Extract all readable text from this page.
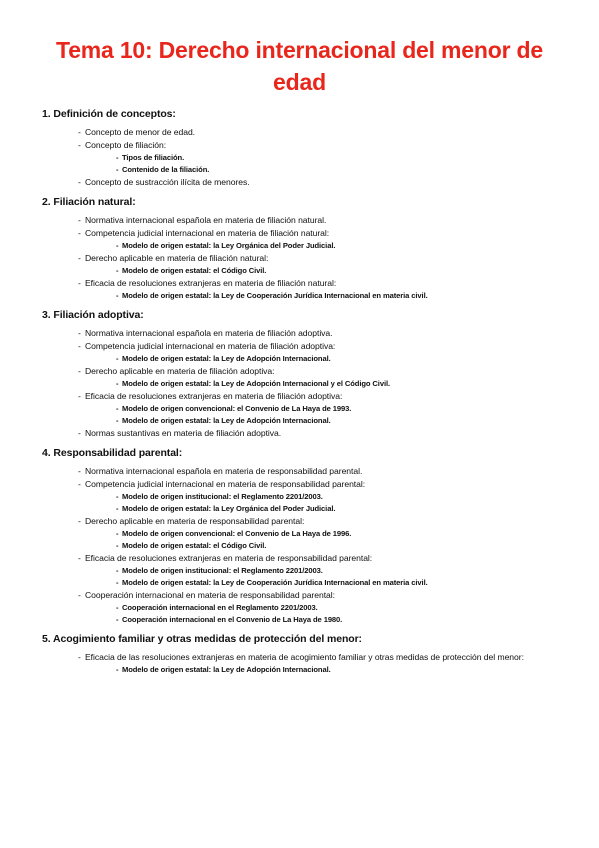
Tema 10: Derecho internacional del menor de edad
1. Definición de conceptos:
- Concepto de menor de edad.
- Concepto de filiación:
- Tipos de filiación.
- Contenido de la filiación.
- Concepto de sustracción ilícita de menores.
2. Filiación natural:
- Normativa internacional española en materia de filiación natural.
- Competencia judicial internacional en materia de filiación natural:
- Modelo de origen estatal: la Ley Orgánica del Poder Judicial.
- Derecho aplicable en materia de filiación natural:
- Modelo de origen estatal: el Código Civil.
- Eficacia de resoluciones extranjeras en materia de filiación natural:
- Modelo de origen estatal: la Ley de Cooperación Jurídica Internacional en materia civil.
3. Filiación adoptiva:
- Normativa internacional española en materia de filiación adoptiva.
- Competencia judicial internacional en materia de filiación adoptiva:
- Modelo de origen estatal: la Ley de Adopción Internacional.
- Derecho aplicable en materia de filiación adoptiva:
- Modelo de origen estatal: la Ley de Adopción Internacional y el Código Civil.
- Eficacia de resoluciones extranjeras en materia de filiación adoptiva:
- Modelo de origen convencional: el Convenio de La Haya de 1993.
- Modelo de origen estatal: la Ley de Adopción Internacional.
- Normas sustantivas en materia de filiación adoptiva.
4. Responsabilidad parental:
- Normativa internacional española en materia de responsabilidad parental.
- Competencia judicial internacional en materia de responsabilidad parental:
- Modelo de origen institucional: el Reglamento 2201/2003.
- Modelo de origen estatal: la Ley Orgánica del Poder Judicial.
- Derecho aplicable en materia de responsabilidad parental:
- Modelo de origen convencional: el Convenio de La Haya de 1996.
- Modelo de origen estatal: el Código Civil.
- Eficacia de resoluciones extranjeras en materia de responsabilidad parental:
- Modelo de origen institucional: el Reglamento 2201/2003.
- Modelo de origen estatal: la Ley de Cooperación Jurídica Internacional en materia civil.
- Cooperación internacional en materia de responsabilidad parental:
- Cooperación internacional en el Reglamento 2201/2003.
- Cooperación internacional en el Convenio de La Haya de 1980.
5. Acogimiento familiar y otras medidas de protección del menor:
- Eficacia de las resoluciones extranjeras en materia de acogimiento familiar y otras medidas de protección del menor:
- Modelo de origen estatal: la Ley de Adopción Internacional.
